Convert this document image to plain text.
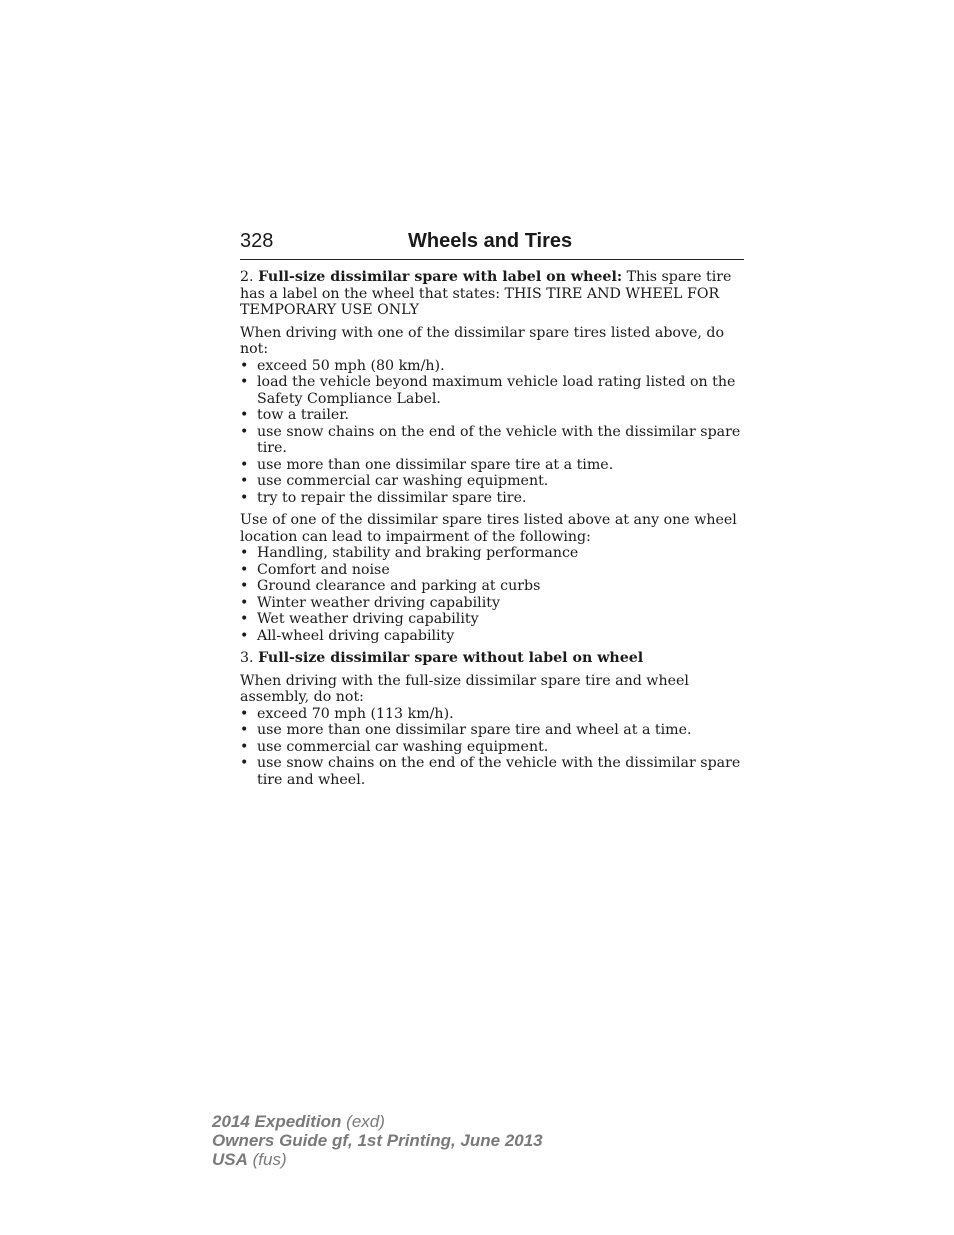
328	Wheels and Tires

2. Full-size dissimilar spare with label on wheel: This spare tire has a label on the wheel that states: THIS TIRE AND WHEEL FOR TEMPORARY USE ONLY

When driving with one of the dissimilar spare tires listed above, do not:

• exceed 50 mph (80 km/h).

• load the vehicle beyond maximum vehicle load rating listed on the Safety Compliance Label.

• tow a trailer.

• use snow chains on the end of the vehicle with the dissimilar spare tire.

• use more than one dissimilar spare tire at a time.

• use commercial car washing equipment.

• try to repair the dissimilar spare tire.

Use of one of the dissimilar spare tires listed above at any one wheel location can lead to impairment of the following:

• Handling, stability and braking performance

• Comfort and noise

• Ground clearance and parking at curbs

• Winter weather driving capability

• Wet weather driving capability

• All-wheel driving capability

3. Full-size dissimilar spare without label on wheel

When driving with the full-size dissimilar spare tire and wheel assembly, do not:

• exceed 70 mph (113 km/h).

• use more than one dissimilar spare tire and wheel at a time.

• use commercial car washing equipment.

• use snow chains on the end of the vehicle with the dissimilar spare tire and wheel.

2014 Expedition (exd)
Owners Guide gf, 1st Printing, June 2013
USA (fus)
